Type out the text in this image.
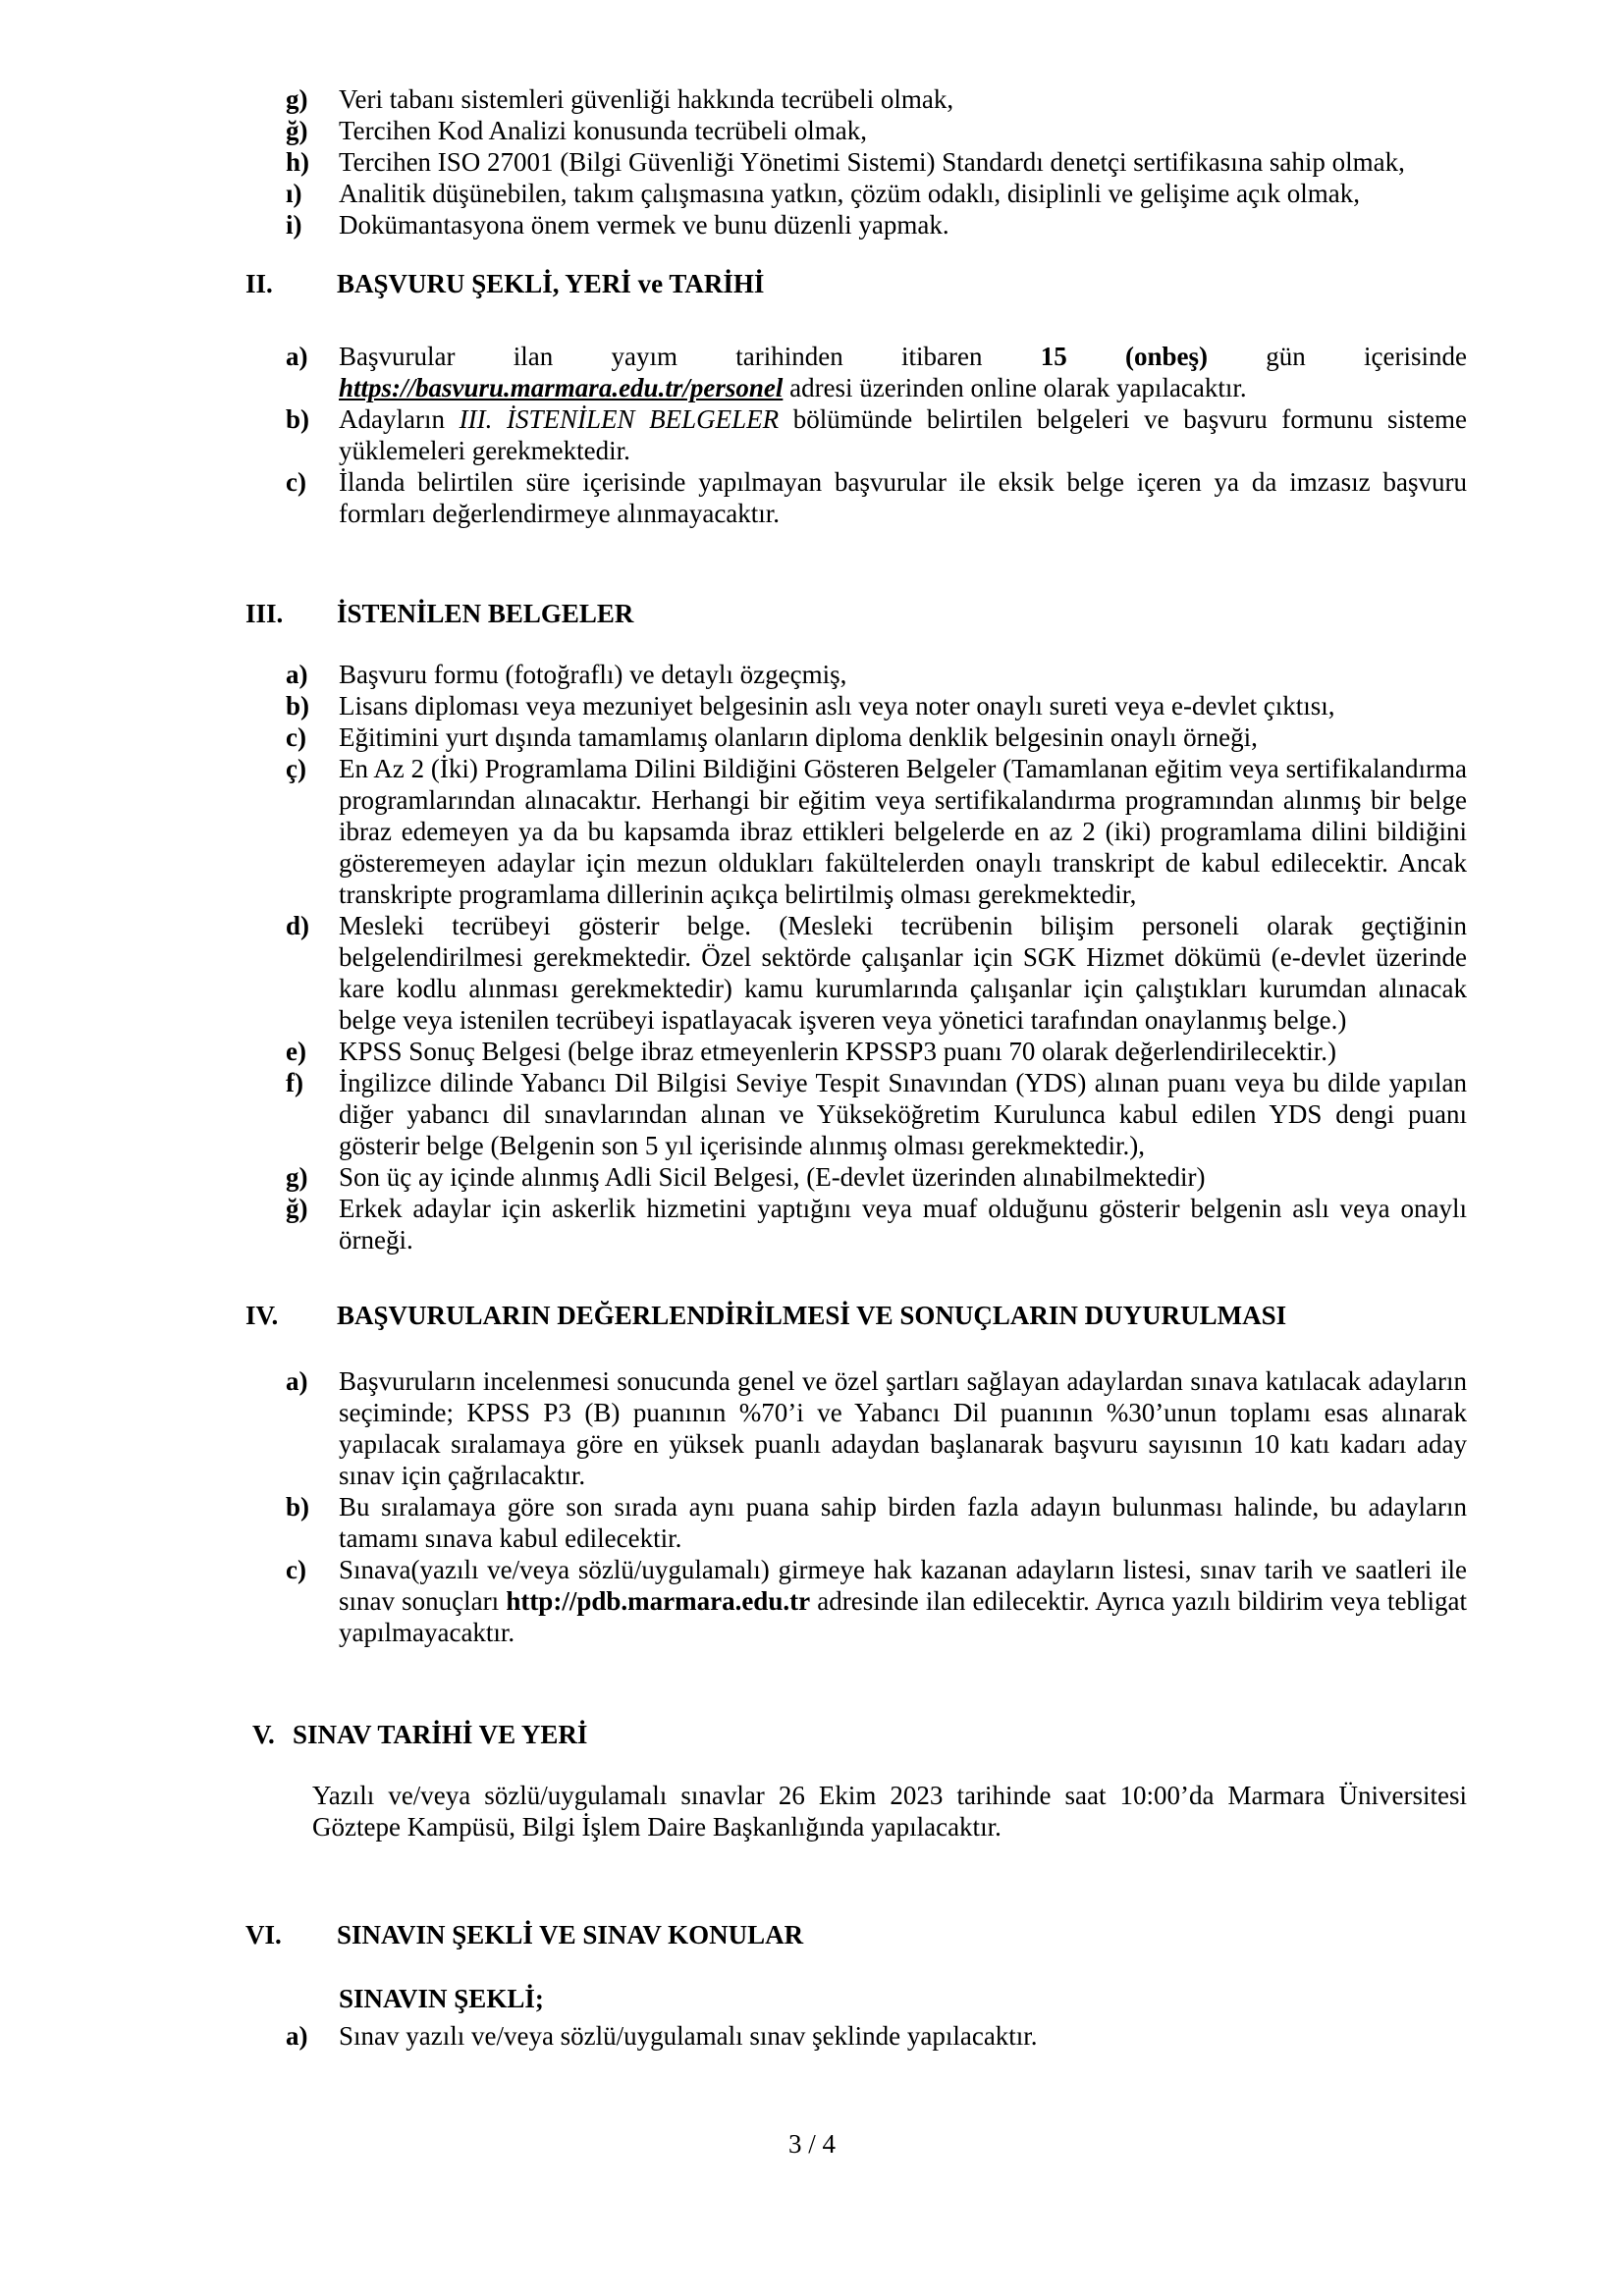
g)	Veri tabanı sistemleri güvenliği hakkında tecrübeli olmak,
ğ)	Tercihen Kod Analizi konusunda tecrübeli olmak,
h)	Tercihen ISO 27001 (Bilgi Güvenliği Yönetimi Sistemi) Standardı denetçi sertifikasına sahip olmak,
ı)	Analitik düşünebilen, takım çalışmasına yatkın, çözüm odaklı, disiplinli ve gelişime açık olmak,
i)	Dokümantasyona önem vermek ve bunu düzenli yapmak.
II. BAŞVURU ŞEKLİ, YERİ ve TARİHİ
a)	Başvurular ilan yayım tarihinden itibaren 15 (onbeş) gün içerisinde https://basvuru.marmara.edu.tr/personel adresi üzerinden online olarak yapılacaktır.
b)	Adayların III. İSTENİLEN BELGELER bölümünde belirtilen belgeleri ve başvuru formunu sisteme yüklemeleri gerekmektedir.
c)	İlanda belirtilen süre içerisinde yapılmayan başvurular ile eksik belge içeren ya da imzasız başvuru formları değerlendirmeye alınmayacaktır.
III. İSTENİLEN BELGELER
a)	Başvuru formu (fotoğraflı) ve detaylı özgeçmiş,
b)	Lisans diploması veya mezuniyet belgesinin aslı veya noter onaylı sureti veya e-devlet çıktısı,
c)	Eğitimini yurt dışında tamamlamış olanların diploma denklik belgesinin onaylı örneği,
ç)	En Az 2 (İki) Programlama Dilini Bildiğini Gösteren Belgeler (Tamamlanan eğitim veya sertifikalandırma programlarından alınacaktır. Herhangi bir eğitim veya sertifikalandırma programından alınmış bir belge ibraz edemeyen ya da bu kapsamda ibraz ettikleri belgelerde en az 2 (iki) programlama dilini bildiğini gösteremeyen adaylar için mezun oldukları fakültelerden onaylı transkript de kabul edilecektir. Ancak transkripte programlama dillerinin açıkça belirtilmiş olması gerekmektedir,
d)	Mesleki tecrübeyi gösterir belge. (Mesleki tecrübenin bilişim personeli olarak geçtiğinin belgelendirilmesi gerekmektedir. Özel sektörde çalışanlar için SGK Hizmet dökümü (e-devlet üzerinde kare kodlu alınması gerekmektedir) kamu kurumlarında çalışanlar için çalıştıkları kurumdan alınacak belge veya istenilen tecrübeyi ispatlayacak işveren veya yönetici tarafından onaylanmış belge.)
e)	KPSS Sonuç Belgesi (belge ibraz etmeyenlerin KPSSP3 puanı 70 olarak değerlendirilecektir.)
f)	İngilizce dilinde Yabancı Dil Bilgisi Seviye Tespit Sınavından (YDS) alınan puanı veya bu dilde yapılan diğer yabancı dil sınavlarından alınan ve Yükseköğretim Kurulunca kabul edilen YDS dengi puanı gösterir belge (Belgenin son 5 yıl içerisinde alınmış olması gerekmektedir.),
g)	Son üç ay içinde alınmış Adli Sicil Belgesi, (E-devlet üzerinden alınabilmektedir)
ğ)	Erkek adaylar için askerlik hizmetini yaptığını veya muaf olduğunu gösterir belgenin aslı veya onaylı örneği.
IV. BAŞVURULARIN DEĞERLENDİRİLMESİ VE SONUÇLARIN DUYURULMASI
a)	Başvuruların incelenmesi sonucunda genel ve özel şartları sağlayan adaylardan sınava katılacak adayların seçiminde; KPSS P3 (B) puanının %70’i ve Yabancı Dil puanının %30’unun toplamı esas alınarak yapılacak sıralamaya göre en yüksek puanlı adaydan başlanarak başvuru sayısının 10 katı kadarı aday sınav için çağrılacaktır.
b)	Bu sıralamaya göre son sırada aynı puana sahip birden fazla adayın bulunması halinde, bu adayların tamamı sınava kabul edilecektir.
c)	Sınava(yazılı ve/veya sözlü/uygulamalı) girmeye hak kazanan adayların listesi, sınav tarih ve saatleri ile sınav sonuçları http://pdb.marmara.edu.tr adresinde ilan edilecektir. Ayrıca yazılı bildirim veya tebligat yapılmayacaktır.
V. SINAV TARİHİ VE YERİ
Yazılı ve/veya sözlü/uygulamalı sınavlar 26 Ekim 2023 tarihinde saat 10:00’da Marmara Üniversitesi Göztepe Kampüsü, Bilgi İşlem Daire Başkanlığında yapılacaktır.
VI. SINAVIN ŞEKLİ VE SINAV KONULAR
SINAVIN ŞEKLİ;
a)	Sınav yazılı ve/veya sözlü/uygulamalı sınav şeklinde yapılacaktır.
3 / 4
